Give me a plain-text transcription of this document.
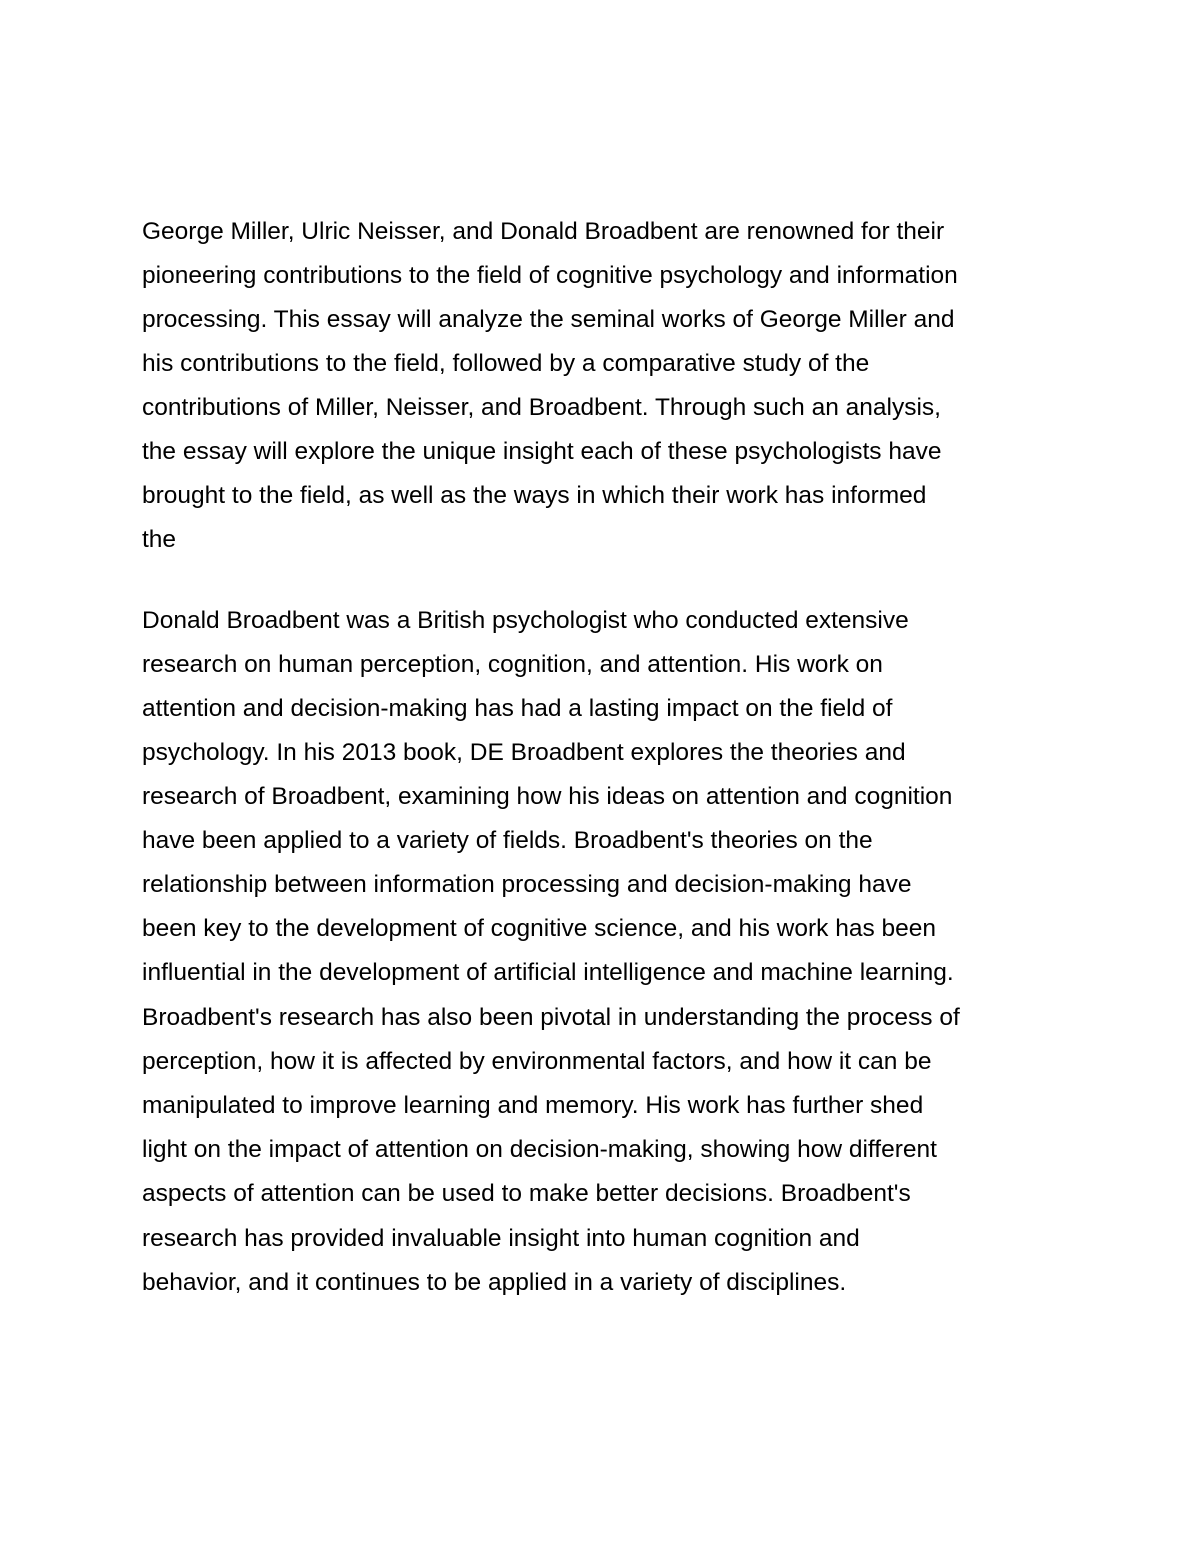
George Miller, Ulric Neisser, and Donald Broadbent are renowned for their

pioneering contributions to the field of cognitive psychology and information

processing. This essay will analyze the seminal works of George Miller and

his contributions to the field, followed by a comparative study of the

contributions of Miller, Neisser, and Broadbent. Through such an analysis,

the essay will explore the unique insight each of these psychologists have

brought to the field, as well as the ways in which their work has informed

the

Donald Broadbent was a British psychologist who conducted extensive

research on human perception, cognition, and attention. His work on

attention and decision-making has had a lasting impact on the field of

psychology. In his 2013 book, DE Broadbent explores the theories and

research of Broadbent, examining how his ideas on attention and cognition

have been applied to a variety of fields. Broadbent's theories on the

relationship between information processing and decision-making have

been key to the development of cognitive science, and his work has been

influential in the development of artificial intelligence and machine learning.

Broadbent's research has also been pivotal in understanding the process of

perception, how it is affected by environmental factors, and how it can be

manipulated to improve learning and memory. His work has further shed

light on the impact of attention on decision-making, showing how different

aspects of attention can be used to make better decisions. Broadbent's

research has provided invaluable insight into human cognition and

behavior, and it continues to be applied in a variety of disciplines.
